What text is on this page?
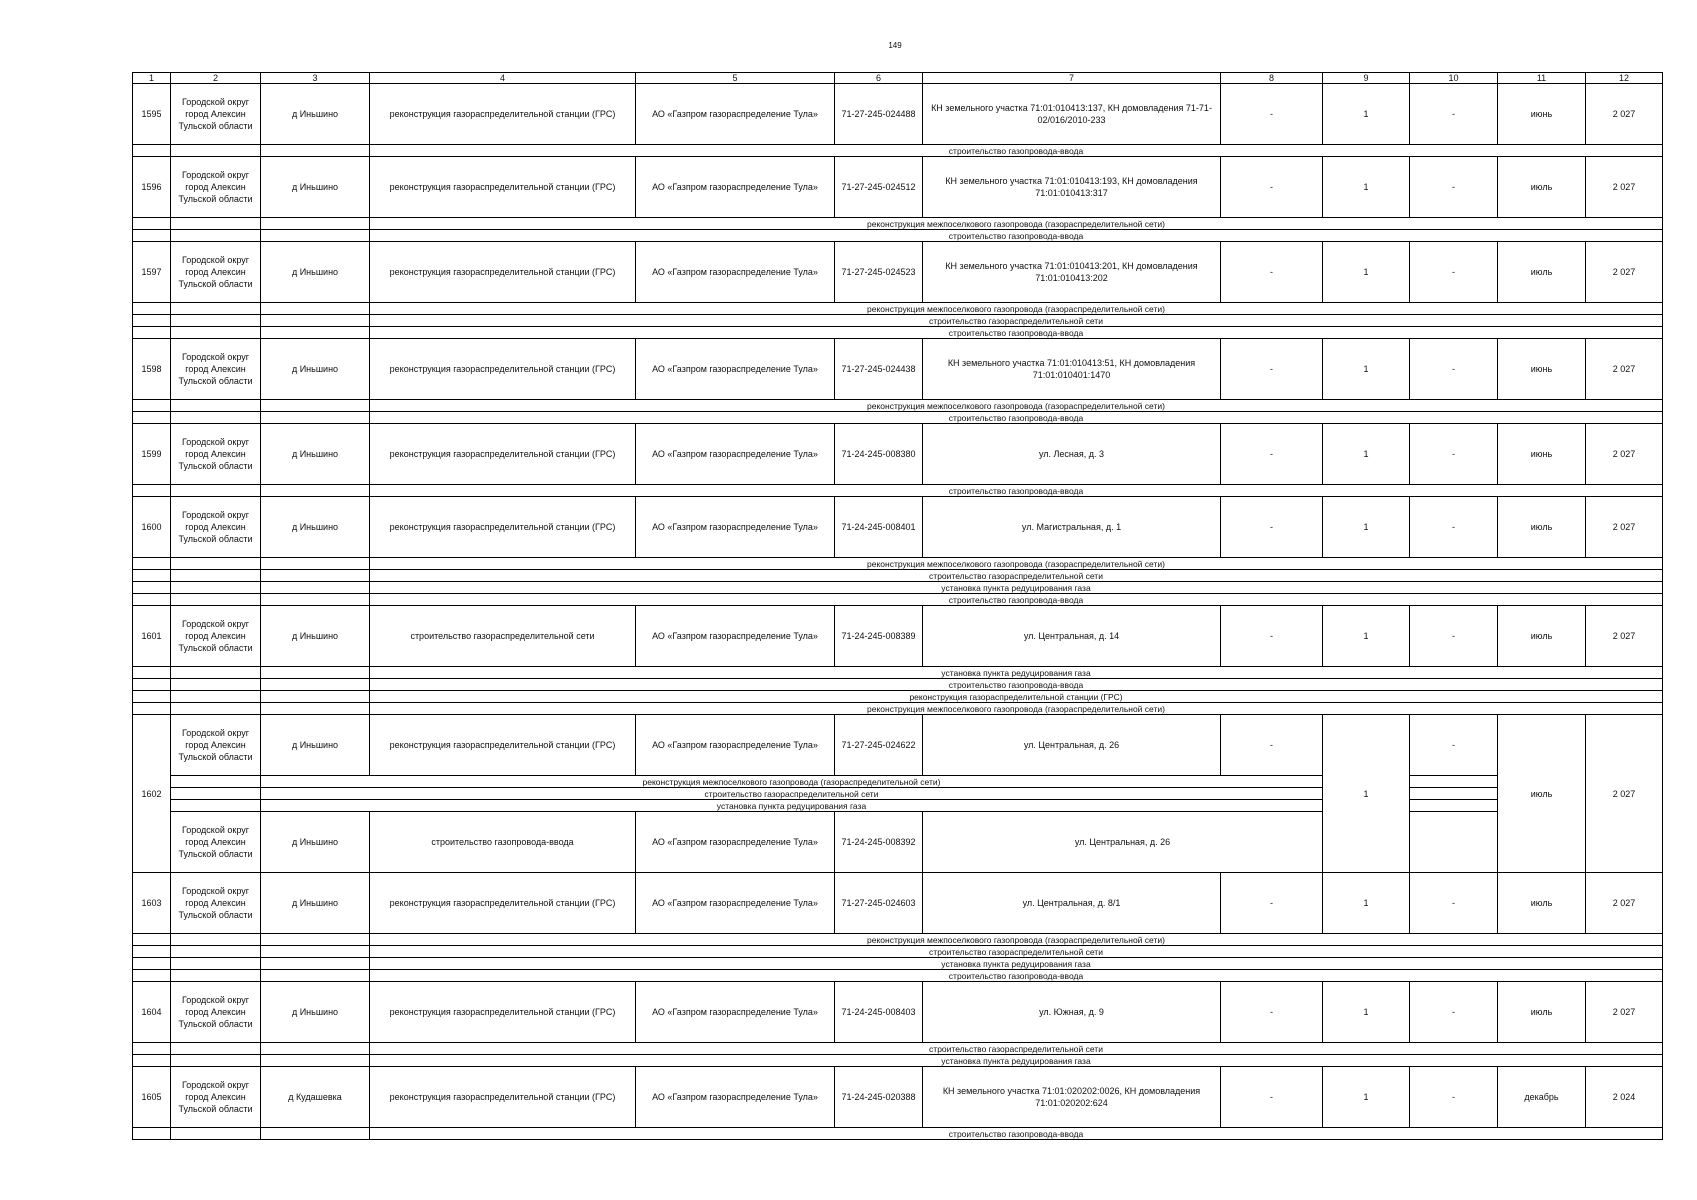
149
1	2	3	4	5	6	7	8	9	10	11	12
1595	Городской округ город Алексин Тульской области	д Иньшино	реконструкция газораспределительной станции (ГРС)	АО «Газпром газораспределение Тула»	71-27-245-024488	КН земельного участка 71:01:010413:137, КН домовладения 71-71-02/016/2010-233	-	1	-	июнь	2 027
			строительство газопровода-ввода								
1596	Городской округ город Алексин Тульской области	д Иньшино	реконструкция газораспределительной станции (ГРС)	АО «Газпром газораспределение Тула»	71-27-245-024512	КН земельного участка 71:01:010413:193, КН домовладения 71:01:010413:317	-	1	-	июль	2 027
			реконструкция межпоселкового газопровода (газораспределительной сети)								
			строительство газопровода-ввода								
1597	Городской округ город Алексин Тульской области	д Иньшино	реконструкция газораспределительной станции (ГРС)	АО «Газпром газораспределение Тула»	71-27-245-024523	КН земельного участка 71:01:010413:201, КН домовладения 71:01:010413:202	-	1	-	июль	2 027
			реконструкция межпоселкового газопровода (газораспределительной сети)								
			строительство газораспределительной сети								
			строительство газопровода-ввода								
1598	Городской округ город Алексин Тульской области	д Иньшино	реконструкция газораспределительной станции (ГРС)	АО «Газпром газораспределение Тула»	71-27-245-024438	КН земельного участка 71:01:010413:51, КН домовладения 71:01:010401:1470	-	1	-	июнь	2 027
			реконструкция межпоселкового газопровода (газораспределительной сети)								
			строительство газопровода-ввода								
1599	Городской округ город Алексин Тульской области	д Иньшино	реконструкция газораспределительной станции (ГРС)	АО «Газпром газораспределение Тула»	71-24-245-008380	ул. Лесная, д. 3	-	1	-	июнь	2 027
			строительство газопровода-ввода								
1600	Городской округ город Алексин Тульской области	д Иньшино	реконструкция газораспределительной станции (ГРС)	АО «Газпром газораспределение Тула»	71-24-245-008401	ул. Магистральная, д. 1	-	1	-	июль	2 027
			реконструкция межпоселкового газопровода (газораспределительной сети)								
			строительство газораспределительной сети								
			установка пункта редуцирования газа								
			строительство газопровода-ввода								
1601	Городской округ город Алексин Тульской области	д Иньшино	строительство газораспределительной сети	АО «Газпром газораспределение Тула»	71-24-245-008389	ул. Центральная, д. 14	-	1	-	июль	2 027
			установка пункта редуцирования газа								
			строительство газопровода-ввода								
			реконструкция газораспределительной станции (ГРС)								
			реконструкция межпоселкового газопровода (газораспределительной сети)								
1602	Городской округ город Алексин Тульской области	д Иньшино	реконструкция газораспределительной станции (ГРС)	АО «Газпром газораспределение Тула»	71-27-245-024622	ул. Центральная, д. 26	-	1	-	июль	2 027
		реконструкция межпоселкового газопровода (газораспределительной сети)									
		строительство газораспределительной сети									
		установка пункта редуцирования газа									
	Городской округ город Алексин Тульской области	д Иньшино	строительство газопровода-ввода	АО «Газпром газораспределение Тула»	71-24-245-008392	ул. Центральная, д. 26					
1603	Городской округ город Алексин Тульской области	д Иньшино	реконструкция газораспределительной станции (ГРС)	АО «Газпром газораспределение Тула»	71-27-245-024603	ул. Центральная, д. 8/1	-	1	-	июль	2 027
			реконструкция межпоселкового газопровода (газораспределительной сети)								
			строительство газораспределительной сети								
			установка пункта редуцирования газа								
			строительство газопровода-ввода								
1604	Городской округ город Алексин Тульской области	д Иньшино	реконструкция газораспределительной станции (ГРС)	АО «Газпром газораспределение Тула»	71-24-245-008403	ул. Южная, д. 9	-	1	-	июль	2 027
			строительство газораспределительной сети								
			установка пункта редуцирования газа								
1605	Городской округ город Алексин Тульской области	д Кудашевка	реконструкция газораспределительной станции (ГРС)	АО «Газпром газораспределение Тула»	71-24-245-020388	КН земельного участка 71:01:020202:0026, КН домовладения 71:01:020202:624	-	1	-	декабрь	2 024
			строительство газопровода-ввода								
